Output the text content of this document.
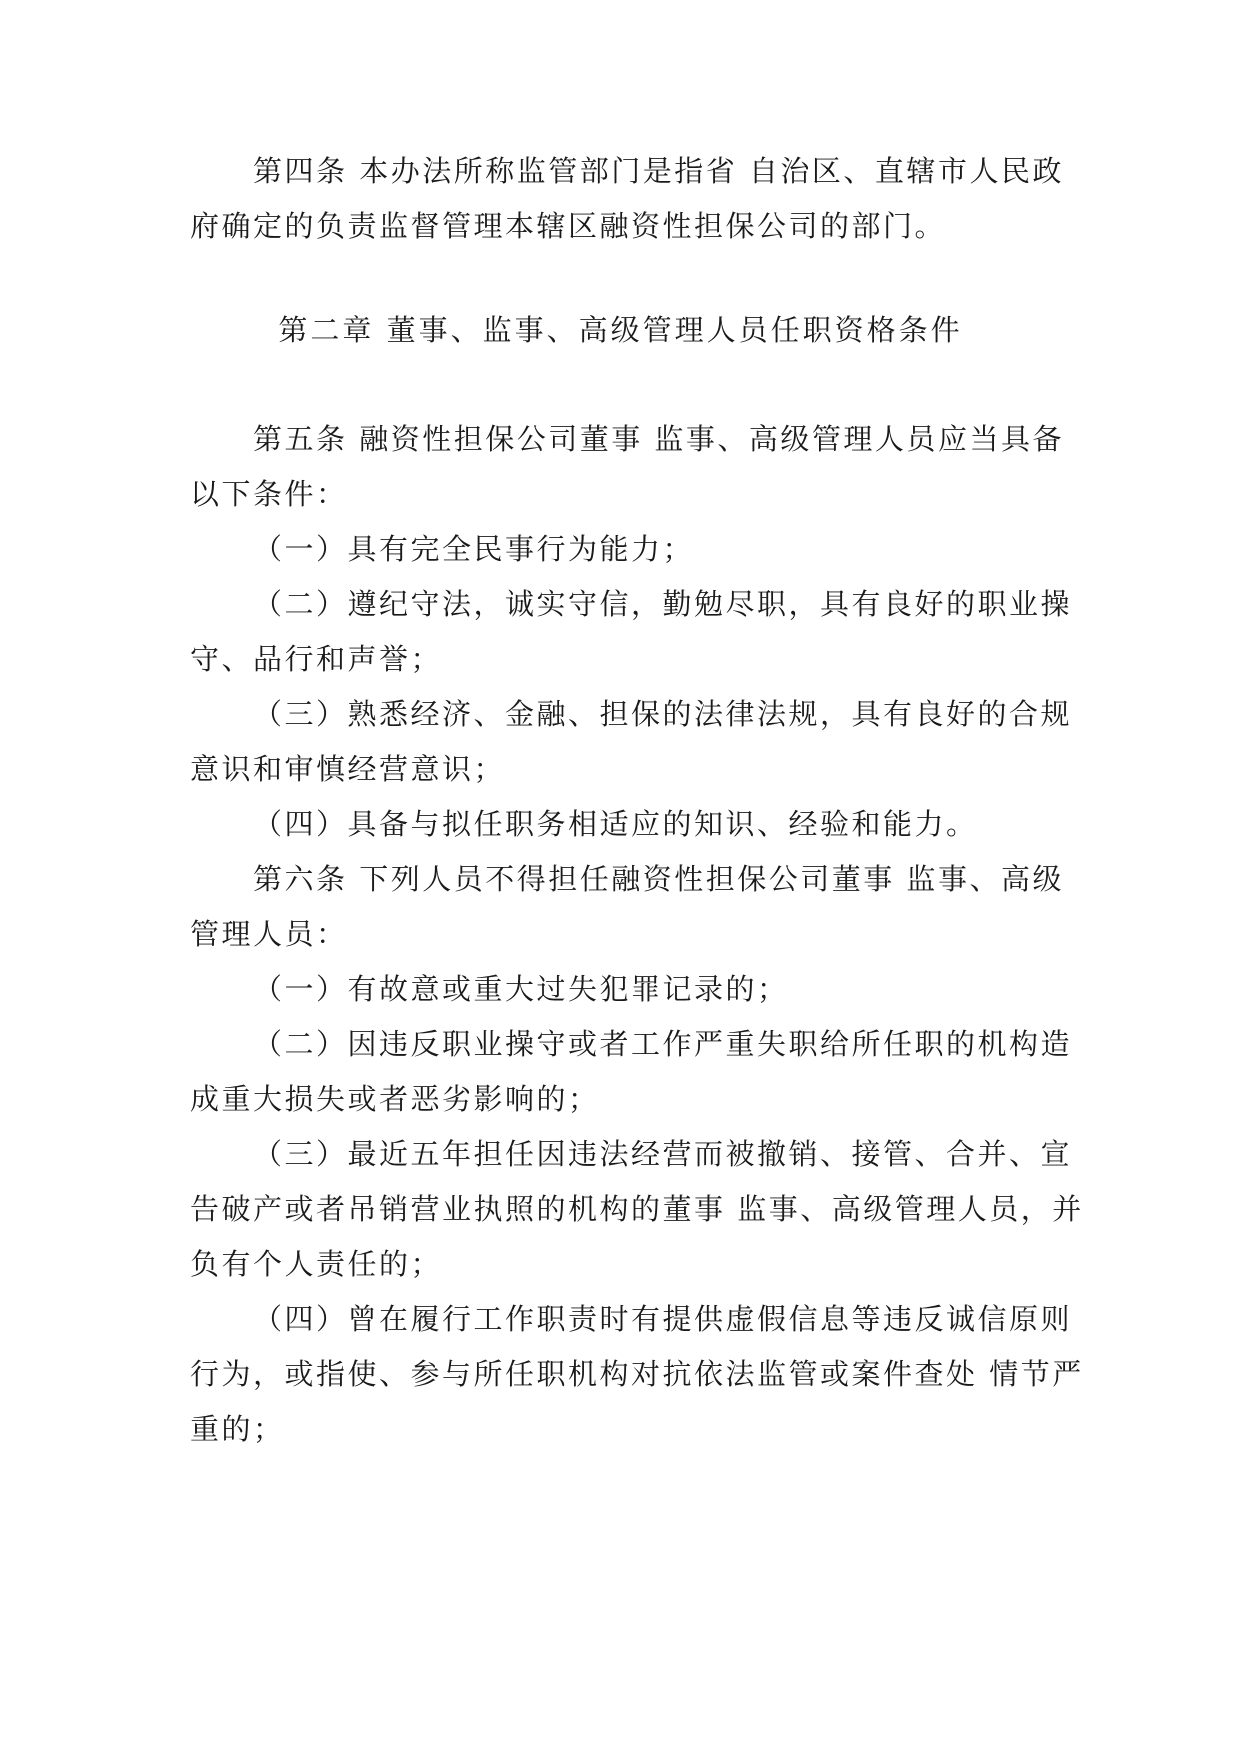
第四条 本办法所称监管部门是指省 自治区、直辖市人民政
府确定的负责监督管理本辖区融资性担保公司的部门。
第二章 董事、监事、高级管理人员任职资格条件
第五条 融资性担保公司董事 监事、高级管理人员应当具备
以下条件：
（一）具有完全民事行为能力；
（二）遵纪守法，诚实守信，勤勉尽职，具有良好的职业操
守、品行和声誉；
（三）熟悉经济、金融、担保的法律法规，具有良好的合规
意识和审慎经营意识；
（四）具备与拟任职务相适应的知识、经验和能力。
第六条 下列人员不得担任融资性担保公司董事 监事、高级
管理人员：
（一）有故意或重大过失犯罪记录的；
（二）因违反职业操守或者工作严重失职给所任职的机构造
成重大损失或者恶劣影响的；
（三）最近五年担任因违法经营而被撤销、接管、合并、宣
告破产或者吊销营业执照的机构的董事 监事、高级管理人员，并
负有个人责任的；
（四）曾在履行工作职责时有提供虚假信息等违反诚信原则
行为，或指使、参与所任职机构对抗依法监管或案件查处 情节严
重的；
